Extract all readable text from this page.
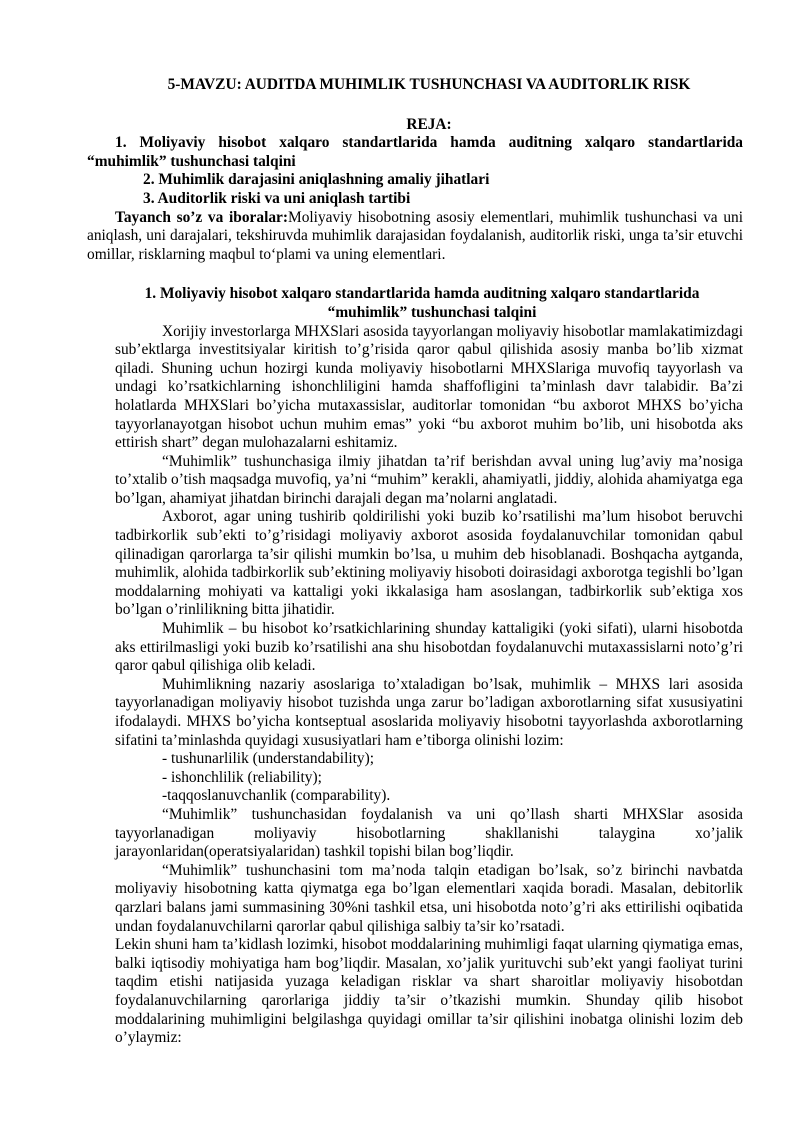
5-MAVZU: AUDITDA MUHIMLIK TUSHUNCHASI VA AUDITORLIK RISK

REJA:

1. Moliyaviy hisobot xalqaro standartlarida hamda auditning xalqaro standartlarida “muhimlik” tushunchasi talqini

2. Muhimlik darajasini aniqlashning amaliy jihatlari

3. Auditorlik riski va uni aniqlash tartibi

Tayanch so’z va iboralar:Moliyaviy hisobotning asosiy elementlari, muhimlik tushunchasi va uni aniqlash, uni darajalari, tekshiruvda muhimlik darajasidan foydalanish, auditorlik riski, unga ta’sir etuvchi omillar, risklarning maqbul to‘plami va uning elementlari.

1. Moliyaviy hisobot xalqaro standartlarida hamda auditning xalqaro standartlarida
“muhimlik” tushunchasi talqini

Xorijiy investorlarga MHXSlari asosida tayyorlangan moliyaviy hisobotlar mamlakatimizdagi sub’ektlarga investitsiyalar kiritish to’g’risida qaror qabul qilishida asosiy manba bo’lib xizmat qiladi. Shuning uchun hozirgi kunda moliyaviy hisobotlarni MHXSlariga muvofiq tayyorlash va undagi ko’rsatkichlarning ishonchliligini hamda shaffofligini ta’minlash davr talabidir. Ba’zi holatlarda MHXSlari bo’yicha mutaxassislar, auditorlar tomonidan “bu axborot MHXS bo’yicha tayyorlanayotgan hisobot uchun muhim emas” yoki “bu axborot muhim bo’lib, uni hisobotda aks ettirish shart” degan mulohazalarni eshitamiz.

“Muhimlik” tushunchasiga ilmiy jihatdan ta’rif berishdan avval uning lug’aviy ma’nosiga to’xtalib o’tish maqsadga muvofiq, ya’ni “muhim” kerakli, ahamiyatli, jiddiy, alohida ahamiyatga ega bo’lgan, ahamiyat jihatdan birinchi darajali degan ma’nolarni anglatadi.

Axborot, agar uning tushirib qoldirilishi yoki buzib ko’rsatilishi ma’lum hisobot beruvchi tadbirkorlik sub’ekti to’g’risidagi moliyaviy axborot asosida foydalanuvchilar tomonidan qabul qilinadigan qarorlarga ta’sir qilishi mumkin bo’lsa, u muhim deb hisoblanadi. Boshqacha aytganda, muhimlik, alohida tadbirkorlik sub’ektining moliyaviy hisoboti doirasidagi axborotga tegishli bo’lgan moddalarning mohiyati va kattaligi yoki ikkalasiga ham asoslangan, tadbirkorlik sub’ektiga xos bo’lgan o’rinlilikning bitta jihatidir.

Muhimlik – bu hisobot ko’rsatkichlarining shunday kattaligiki (yoki sifati), ularni hisobotda aks ettirilmasligi yoki buzib ko’rsatilishi ana shu hisobotdan foydalanuvchi mutaxassislarni noto’g’ri qaror qabul qilishiga olib keladi.

Muhimlikning nazariy asoslariga to’xtaladigan bo’lsak, muhimlik – MHXS lari asosida tayyorlanadigan moliyaviy hisobot tuzishda unga zarur bo’ladigan axborotlarning sifat xususiyatini ifodalaydi. MHXS bo’yicha kontseptual asoslarida moliyaviy hisobotni tayyorlashda axborotlarning sifatini ta’minlashda quyidagi xususiyatlari ham e’tiborga olinishi lozim:

- tushunarlilik (understandability);

- ishonchlilik (reliability);

-taqqoslanuvchanlik (comparability).

“Muhimlik” tushunchasidan foydalanish va uni qo’llash sharti MHXSlar asosida tayyorlanadigan moliyaviy hisobotlarning shakllanishi talaygina xo’jalik jarayonlaridan(operatsiyalaridan) tashkil topishi bilan bog’liqdir.

“Muhimlik” tushunchasini tom ma’noda talqin etadigan bo’lsak, so’z birinchi navbatda moliyaviy hisobotning katta qiymatga ega bo’lgan elementlari xaqida boradi. Masalan, debitorlik qarzlari balans jami summasining 30%ni tashkil etsa, uni hisobotda noto’g’ri aks ettirilishi oqibatida undan foydalanuvchilarni qarorlar qabul qilishiga salbiy ta’sir ko’rsatadi.

Lekin shuni ham ta’kidlash lozimki, hisobot moddalarining muhimligi faqat ularning qiymatiga emas, balki iqtisodiy mohiyatiga ham bog’liqdir. Masalan, xo’jalik yurituvchi sub’ekt yangi faoliyat turini taqdim etishi natijasida yuzaga keladigan risklar va shart sharoitlar moliyaviy hisobotdan foydalanuvchilarning qarorlariga jiddiy ta’sir o’tkazishi mumkin. Shunday qilib hisobot moddalarining muhimligini belgilashga quyidagi omillar ta’sir qilishini inobatga olinishi lozim deb o’ylaymiz:
